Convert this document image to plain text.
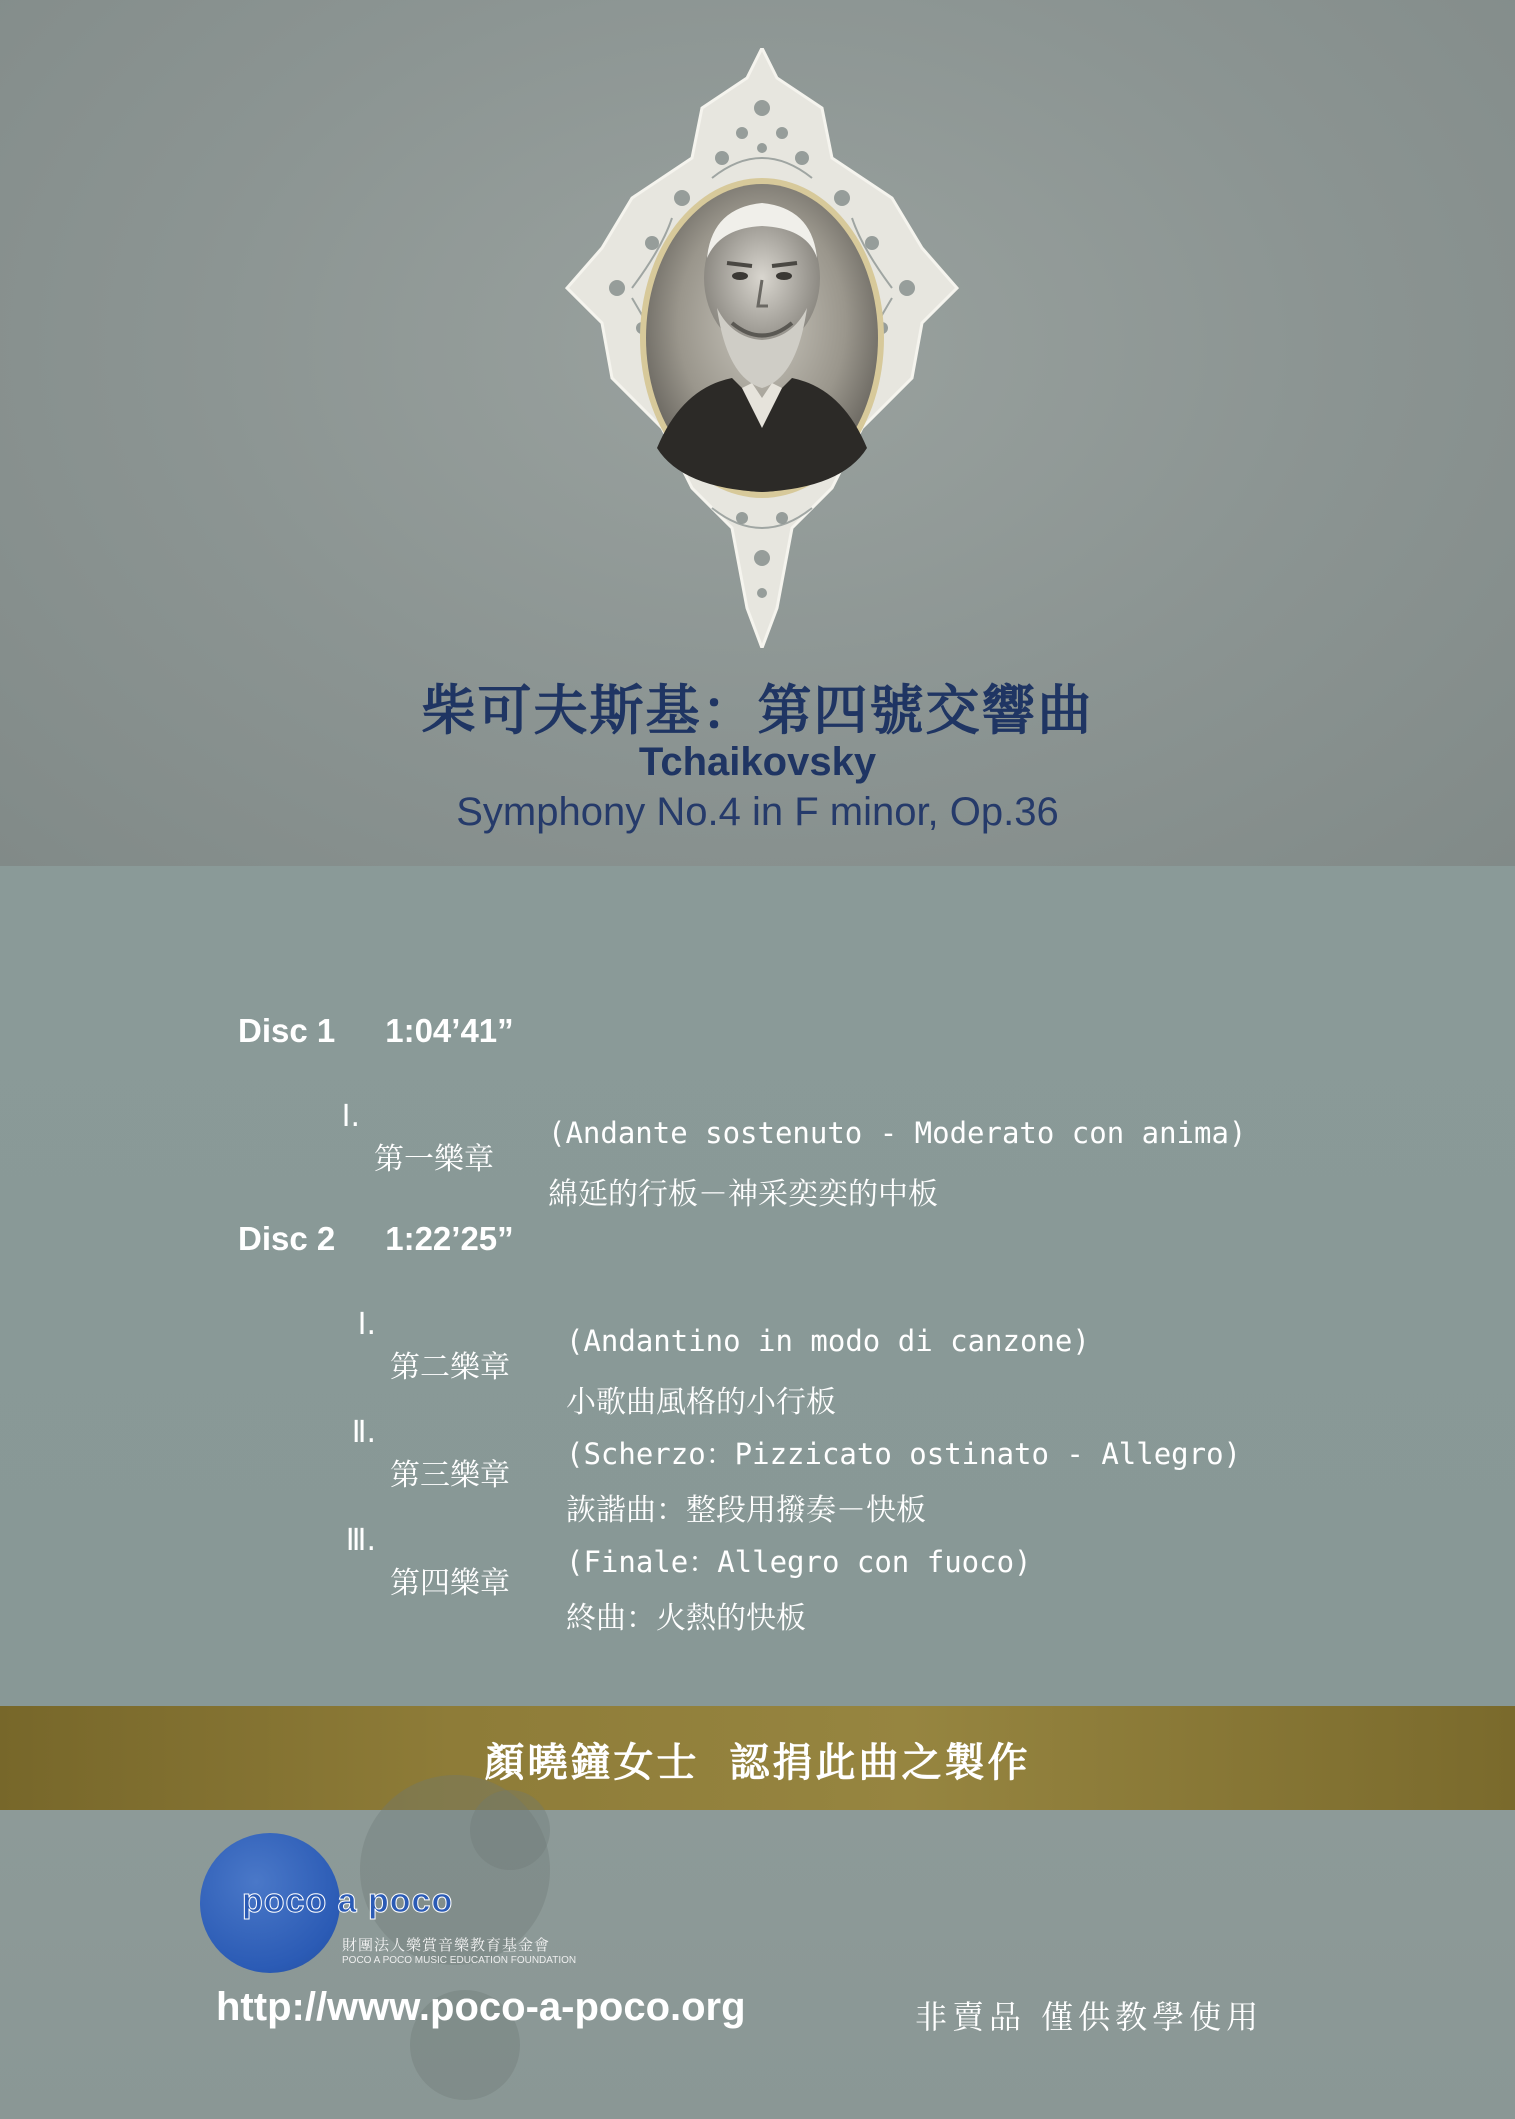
柴可夫斯基：第四號交響曲
Tchaikovsky
Symphony No.4 in F minor, Op.36
Disc 1 1:04’41”

Ⅰ.

第一樂章

綿延的行板－神采奕奕的中板

(Andante sostenuto - Moderato con anima)
Disc 2 1:22’25”

Ⅰ.

第二樂章

小歌曲風格的小行板

(Andantino in modo di canzone)

Ⅱ.

第三樂章

詼諧曲：整段用撥奏－快板

(Scherzo：Pizzicato ostinato - Allegro)

Ⅲ.

第四樂章

終曲：火熱的快板

(Finale：Allegro con fuoco)
顏曉鐘女士 認捐此曲之製作
poco a poco
財團法人樂賞音樂教育基金會
POCO A POCO MUSIC EDUCATION FOUNDATION
http://www.poco-a-poco.org	非賣品 僅供教學使用
